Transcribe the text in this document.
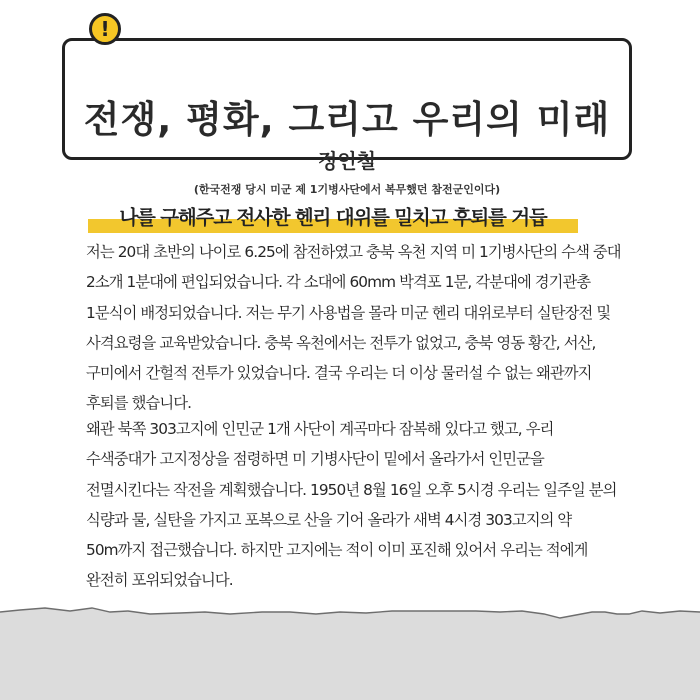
전쟁, 평화, 그리고 우리의 미래
정인철
(한국전쟁 당시 미군 제 1기병사단에서 복무했던 참전군인이다)
!
나를 구해주고 전사한 헨리 대위를 밀치고 후퇴를 거듭

저는 20대 초반의 나이로 6.25에 참전하였고 충북 옥천 지역 미 1기병사단의 수색 중대 2소개 1분대에 편입되었습니다. 각 소대에 60mm 박격포 1문, 각분대에 경기관총 1문식이 배정되었습니다. 저는 무기 사용법을 몰라 미군 헨리 대위로부터 실탄장전 및 사격요령을 교육받았습니다. 충북 옥천에서는 전투가 없었고, 충북 영동 황간, 서산, 구미에서 간헐적 전투가 있었습니다. 결국 우리는 더 이상 물러설 수 없는 왜관까지 후퇴를 했습니다.

왜관 북쪽 303고지에 인민군 1개 사단이 계곡마다 잠복해 있다고 했고, 우리 수색중대가 고지정상을 점령하면 미 기병사단이 밑에서 올라가서 인민군을 전멸시킨다는 작전을 계획했습니다. 1950년 8월 16일 오후 5시경 우리는 일주일 분의 식량과 물, 실탄을 가지고 포복으로 산을 기어 올라가 새벽 4시경 303고지의 약 50m까지 접근했습니다. 하지만 고지에는 적이 이미 포진해 있어서 우리는 적에게 완전히 포위되었습니다.
